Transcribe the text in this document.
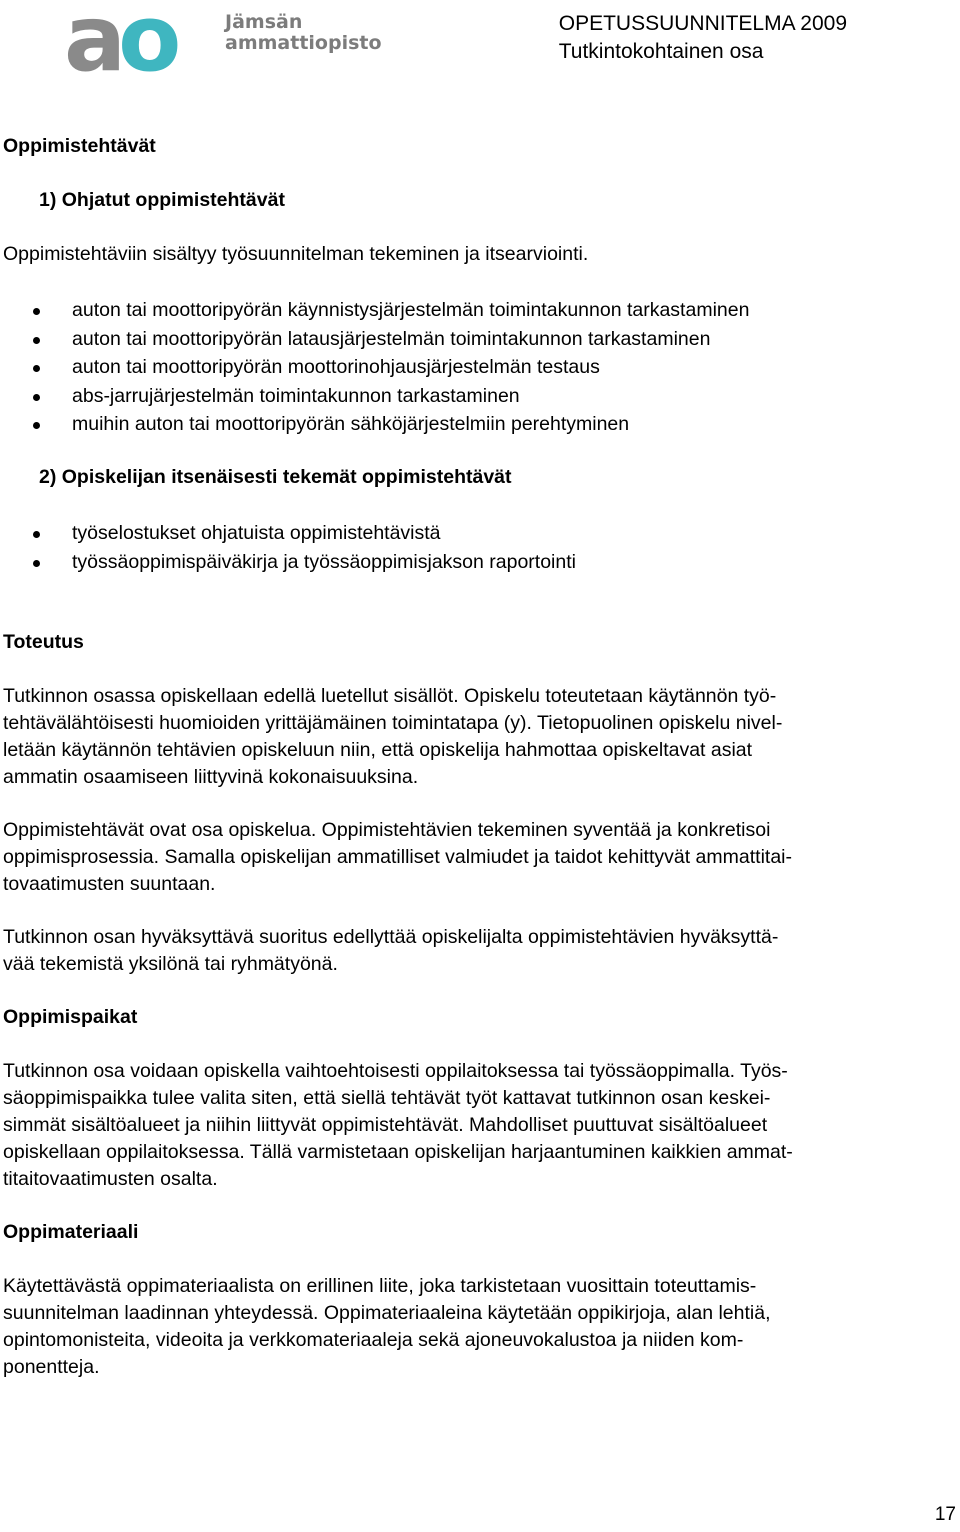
ao	Jämsän
ammattiopisto
OPETUSSUUNNITELMA 2009
Tutkintokohtainen osa
Oppimistehtävät
1) Ohjatut oppimistehtävät
Oppimistehtäviin sisältyy työsuunnitelman tekeminen ja itsearviointi.
auton tai moottoripyörän käynnistysjärjestelmän toimintakunnon tarkastaminen
auton tai moottoripyörän latausjärjestelmän toimintakunnon tarkastaminen
auton tai moottoripyörän moottorinohjausjärjestelmän testaus
abs-jarrujärjestelmän toimintakunnon tarkastaminen
muihin auton tai moottoripyörän sähköjärjestelmiin perehtyminen
2) Opiskelijan itsenäisesti tekemät oppimistehtävät
työselostukset ohjatuista oppimistehtävistä
työssäoppimispäiväkirja ja työssäoppimisjakson raportointi
Toteutus
Tutkinnon osassa opiskellaan edellä luetellut sisällöt. Opiskelu toteutetaan käytännön työ-
tehtävälähtöisesti huomioiden yrittäjämäinen toimintatapa (y). Tietopuolinen opiskelu nivel-
letään käytännön tehtävien opiskeluun niin, että opiskelija hahmottaa opiskeltavat asiat
ammatin osaamiseen liittyvinä kokonaisuuksina.
Oppimistehtävät ovat osa opiskelua. Oppimistehtävien tekeminen syventää ja konkretisoi
oppimisprosessia. Samalla opiskelijan ammatilliset valmiudet ja taidot kehittyvät ammattitai-
tovaatimusten suuntaan.
Tutkinnon osan hyväksyttävä suoritus edellyttää opiskelijalta oppimistehtävien hyväksyttä-
vää tekemistä yksilönä tai ryhmätyönä.
Oppimispaikat
Tutkinnon osa voidaan opiskella vaihtoehtoisesti oppilaitoksessa tai työssäoppimalla. Työs-
säoppimispaikka tulee valita siten, että siellä tehtävät työt kattavat tutkinnon osan keskei-
simmät sisältöalueet ja niihin liittyvät oppimistehtävät. Mahdolliset puuttuvat sisältöalueet
opiskellaan oppilaitoksessa. Tällä varmistetaan opiskelijan harjaantuminen kaikkien ammat-
titaitovaatimusten osalta.
Oppimateriaali
Käytettävästä oppimateriaalista on erillinen liite, joka tarkistetaan vuosittain toteuttamis-
suunnitelman laadinnan yhteydessä. Oppimateriaaleina käytetään oppikirjoja, alan lehtiä,
opintomonisteita, videoita ja verkkomateriaaleja sekä ajoneuvokalustoa ja niiden kom-
ponentteja.
17
